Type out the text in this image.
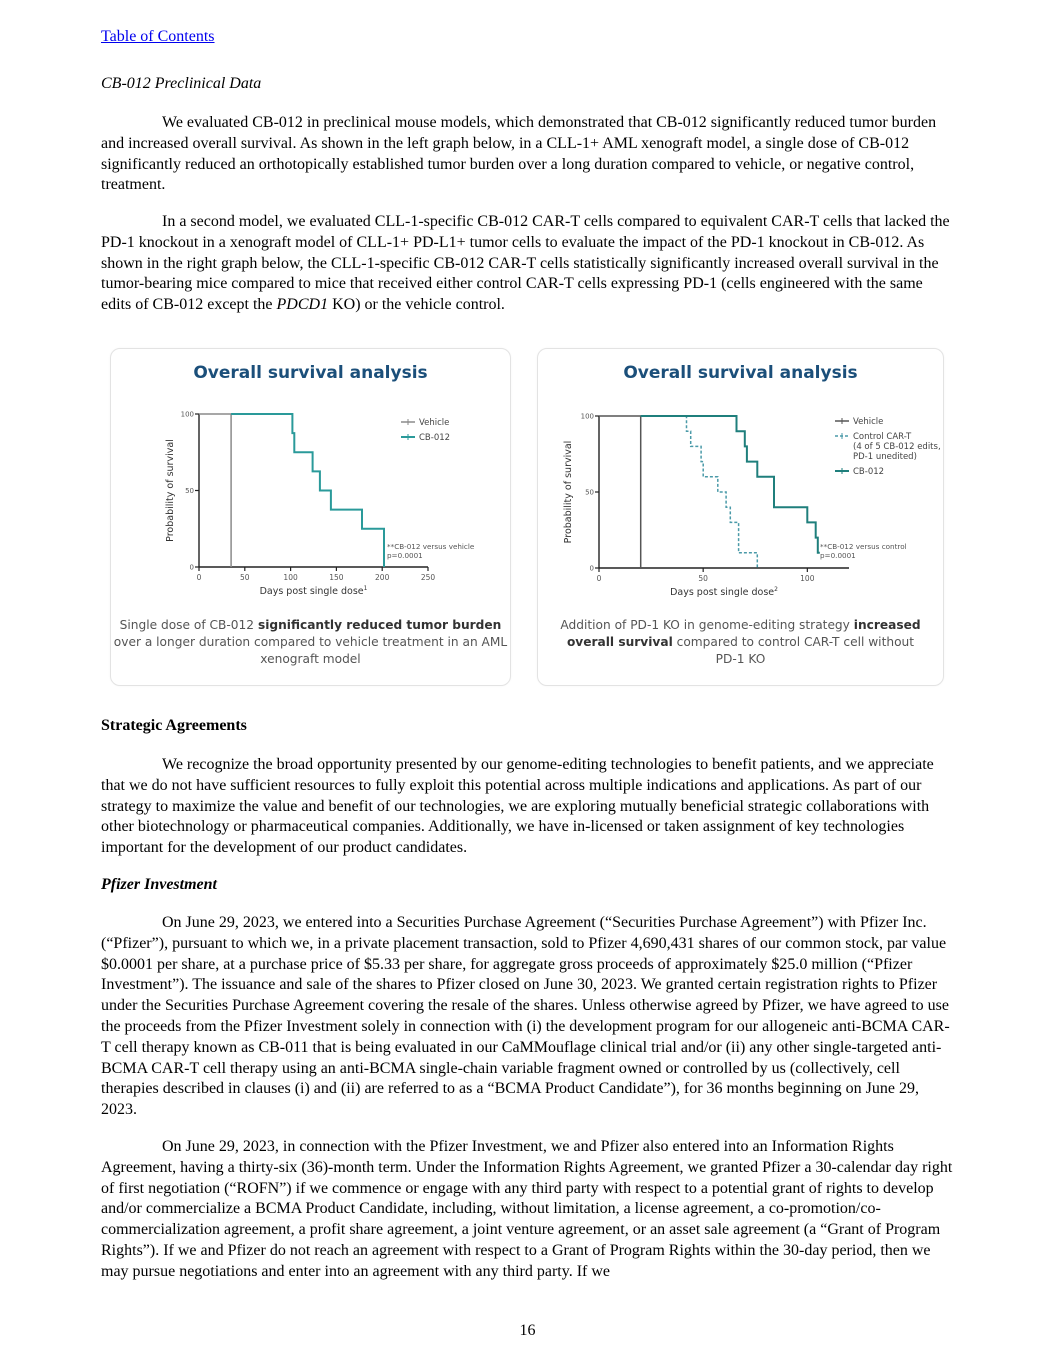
Table of Contents
CB-012 Preclinical Data

We evaluated CB-012 in preclinical mouse models, which demonstrated that CB-012 significantly reduced tumor burden and increased overall survival. As shown in the left graph below, in a CLL-1+ AML xenograft model, a single dose of CB-012 significantly reduced an orthotopically established tumor burden over a long duration compared to vehicle, or negative control, treatment.

In a second model, we evaluated CLL-1-specific CB-012 CAR-T cells compared to equivalent CAR-T cells that lacked the PD-1 knockout in a xenograft model of CLL-1+ PD-L1+ tumor cells to evaluate the impact of the PD-1 knockout in CB-012. As shown in the right graph below, the CLL-1-specific CB-012 CAR-T cells statistically significantly increased overall survival in the tumor-bearing mice compared to mice that received either control CAR-T cells expressing PD-1 (cells engineered with the same edits of CB-012 except the PDCD1 KO) or the vehicle control.

Strategic Agreements

We recognize the broad opportunity presented by our genome-editing technologies to benefit patients, and we appreciate that we do not have sufficient resources to fully exploit this potential across multiple indications and applications. As part of our strategy to maximize the value and benefit of our technologies, we are exploring mutually beneficial strategic collaborations with other biotechnology or pharmaceutical companies. Additionally, we have in-licensed or taken assignment of key technologies important for the development of our product candidates.

Pfizer Investment

On June 29, 2023, we entered into a Securities Purchase Agreement (“Securities Purchase Agreement”) with Pfizer Inc. (“Pfizer”), pursuant to which we, in a private placement transaction, sold to Pfizer 4,690,431 shares of our common stock, par value $0.0001 per share, at a purchase price of $5.33 per share, for aggregate gross proceeds of approximately $25.0 million (“Pfizer Investment”). The issuance and sale of the shares to Pfizer closed on June 30, 2023. We granted certain registration rights to Pfizer under the Securities Purchase Agreement covering the resale of the shares. Unless otherwise agreed by Pfizer, we have agreed to use the proceeds from the Pfizer Investment solely in connection with (i) the development program for our allogeneic anti-BCMA CAR-T cell therapy known as CB-011 that is being evaluated in our CaMMouflage clinical trial and/or (ii) any other single-targeted anti-BCMA CAR-T cell therapy using an anti-BCMA single-chain variable fragment owned or controlled by us (collectively, cell therapies described in clauses (i) and (ii) are referred to as a “BCMA Product Candidate”), for 36 months beginning on June 29, 2023.

On June 29, 2023, in connection with the Pfizer Investment, we and Pfizer also entered into an Information Rights Agreement, having a thirty-six (36)-month term. Under the Information Rights Agreement, we granted Pfizer a 30-calendar day right of first negotiation (“ROFN”) if we commence or engage with any third party with respect to a potential grant of rights to develop and/or commercialize a BCMA Product Candidate, including, without limitation, a license agreement, a co-promotion/co-commercialization agreement, a profit share agreement, a joint venture agreement, or an asset sale agreement (a “Grant of Program Rights”). If we and Pfizer do not reach an agreement with respect to a Grant of Program Rights within the 30-day period, then we may pursue negotiations and enter into an agreement with any third party. If we

Overall survival analysis
0	50	100	150	200	250
0
50
100
Days post single dose$^1$
Probability of survival
Vehicle
CB-012
**CB-012 versus vehicle
p=0.0001
Single dose of CB-012 significantly reduced tumor burden over a longer duration compared to vehicle treatment in an AML xenograft model
Overall survival analysis
0	50	100
0
50
100
Days post single dose$^2$
Probability of survival
Vehicle
Control CAR-T
(4 of 5 CB-012 edits,
PD-1 unedited)
CB-012
**CB-012 versus control
p=0.0001
Addition of PD-1 KO in genome-editing strategy increased overall survival compared to control CAR-T cell without PD-1 KO
16
